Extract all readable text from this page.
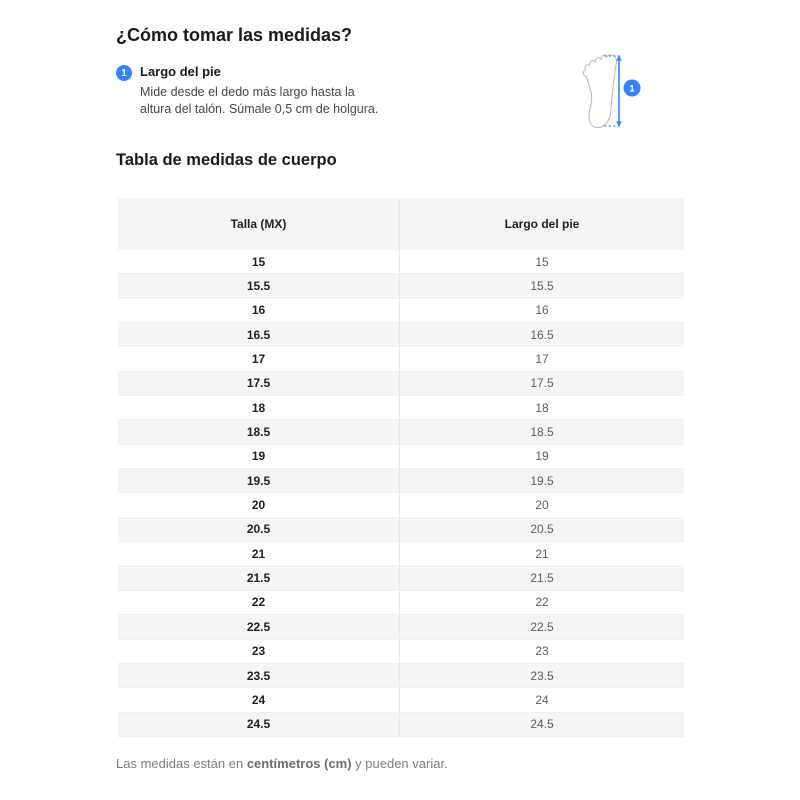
¿Cómo tomar las medidas?
1 Largo del pie
Mide desde el dedo más largo hasta la
altura del talón. Súmale 0,5 cm de holgura.
1
Tabla de medidas de cuerpo
Talla (MX)	Largo del pie
15	15
15.5	15.5
16	16
16.5	16.5
17	17
17.5	17.5
18	18
18.5	18.5
19	19
19.5	19.5
20	20
20.5	20.5
21	21
21.5	21.5
22	22
22.5	22.5
23	23
23.5	23.5
24	24
24.5	24.5
Las medidas están en centímetros (cm) y pueden variar.
